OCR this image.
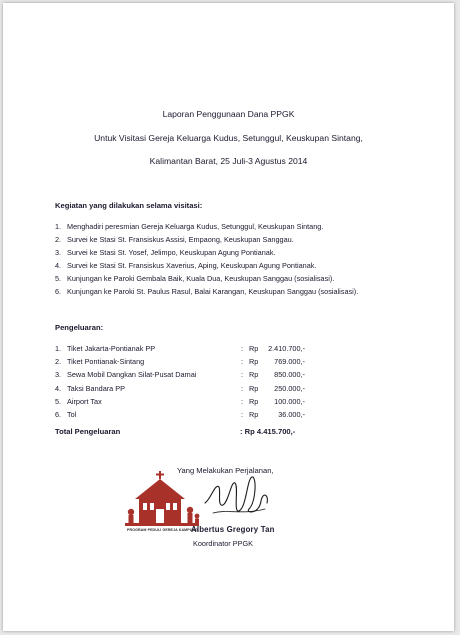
Laporan Penggunaan Dana PPGK
Untuk Visitasi Gereja Keluarga Kudus, Setunggul, Keuskupan Sintang,
Kalimantan Barat, 25 Juli-3 Agustus 2014
Kegiatan yang dilakukan selama visitasi:
1. Menghadiri peresmian Gereja Keluarga Kudus, Setunggul, Keuskupan Sintang.
2. Survei ke Stasi St. Fransiskus Assisi, Empaong, Keuskupan Sanggau.
3. Survei ke Stasi St. Yosef, Jelimpo, Keuskupan Agung Pontianak.
4. Survei ke Stasi St. Fransiskus Xaverius, Aping, Keuskupan Agung Pontianak.
5. Kunjungan ke Paroki Gembala Baik, Kuala Dua, Keuskupan Sanggau (sosialisasi).
6. Kunjungan ke Paroki St. Paulus Rasul, Balai Karangan, Keuskupan Sanggau (sosialisasi).
Pengeluaran:
1.	Tiket Jakarta-Pontianak PP	:	Rp	2.410.700,-
2.	Tiket Pontianak-Sintang	:	Rp	769.000,-
3.	Sewa Mobil Dangkan Silat-Pusat Damai	:	Rp	850.000,-
4.	Taksi Bandara PP	:	Rp	250.000,-
5.	Airport Tax	:	Rp	100.000,-
6.	Tol	:	Rp	36.000,-
Total Pengeluaran	: Rp 4.415.700,-
Yang Melakukan Perjalanan,
PROGRAM PEDULI GEREJA KAMPUNG
Albertus Gregory Tan
Koordinator PPGK
